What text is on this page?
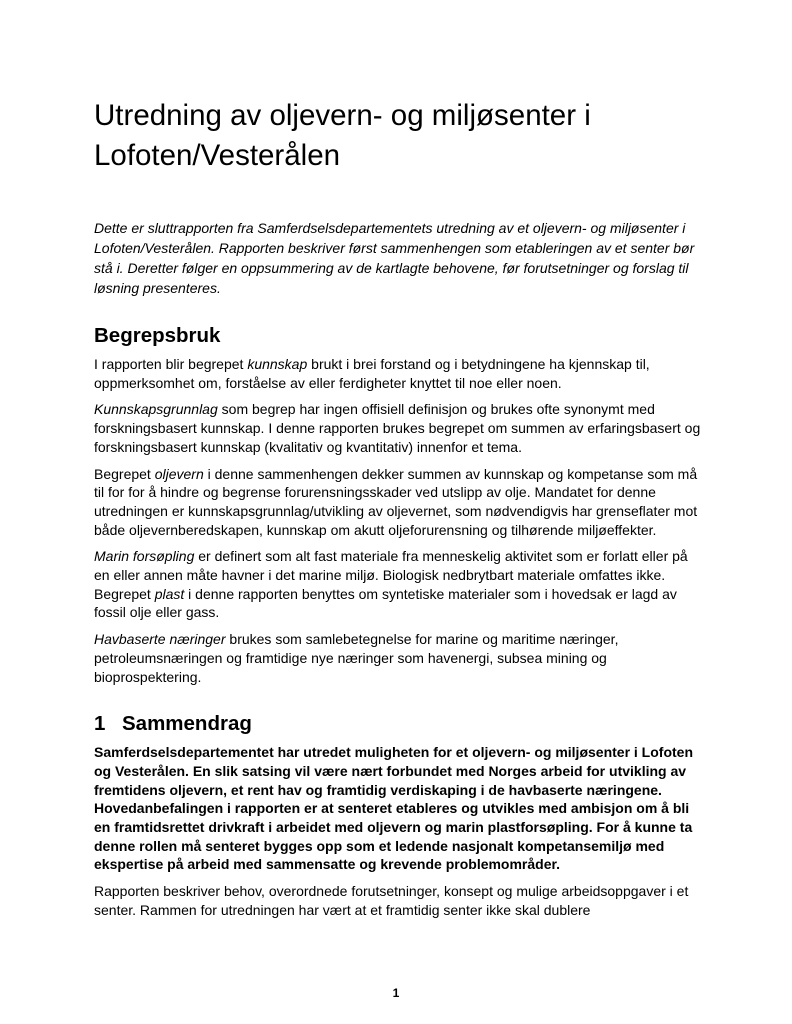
Utredning av oljevern- og miljøsenter i
Lofoten/Vesterålen

Dette er sluttrapporten fra Samferdselsdepartementets utredning av et oljevern- og miljøsenter i Lofoten/Vesterålen. Rapporten beskriver først sammenhengen som etableringen av et senter bør stå i. Deretter følger en oppsummering av de kartlagte behovene, før forutsetninger og forslag til løsning presenteres.

Begrepsbruk

I rapporten blir begrepet kunnskap brukt i brei forstand og i betydningene ha kjennskap til, oppmerksomhet om, forståelse av eller ferdigheter knyttet til noe eller noen.

Kunnskapsgrunnlag som begrep har ingen offisiell definisjon og brukes ofte synonymt med forskningsbasert kunnskap. I denne rapporten brukes begrepet om summen av erfaringsbasert og forskningsbasert kunnskap (kvalitativ og kvantitativ) innenfor et tema.

Begrepet oljevern i denne sammenhengen dekker summen av kunnskap og kompetanse som må til for for å hindre og begrense forurensningsskader ved utslipp av olje. Mandatet for denne utredningen er kunnskapsgrunnlag/utvikling av oljevernet, som nødvendigvis har grenseflater mot både oljevernberedskapen, kunnskap om akutt oljeforurensning og tilhørende miljøeffekter.

Marin forsøpling er definert som alt fast materiale fra menneskelig aktivitet som er forlatt eller på en eller annen måte havner i det marine miljø. Biologisk nedbrytbart materiale omfattes ikke. Begrepet plast i denne rapporten benyttes om syntetiske materialer som i hovedsak er lagd av fossil olje eller gass.

Havbaserte næringer brukes som samlebetegnelse for marine og maritime næringer, petroleumsnæringen og framtidige nye næringer som havenergi, subsea mining og bioprospektering.

1 Sammendrag

Samferdselsdepartementet har utredet muligheten for et oljevern- og miljøsenter i Lofoten og Vesterålen. En slik satsing vil være nært forbundet med Norges arbeid for utvikling av fremtidens oljevern, et rent hav og framtidig verdiskaping i de havbaserte næringene. Hovedanbefalingen i rapporten er at senteret etableres og utvikles med ambisjon om å bli en framtidsrettet drivkraft i arbeidet med oljevern og marin plastforsøpling. For å kunne ta denne rollen må senteret bygges opp som et ledende nasjonalt kompetansemiljø med ekspertise på arbeid med sammensatte og krevende problemområder.

Rapporten beskriver behov, overordnede forutsetninger, konsept og mulige arbeidsoppgaver i et senter. Rammen for utredningen har vært at et framtidig senter ikke skal dublere

1
